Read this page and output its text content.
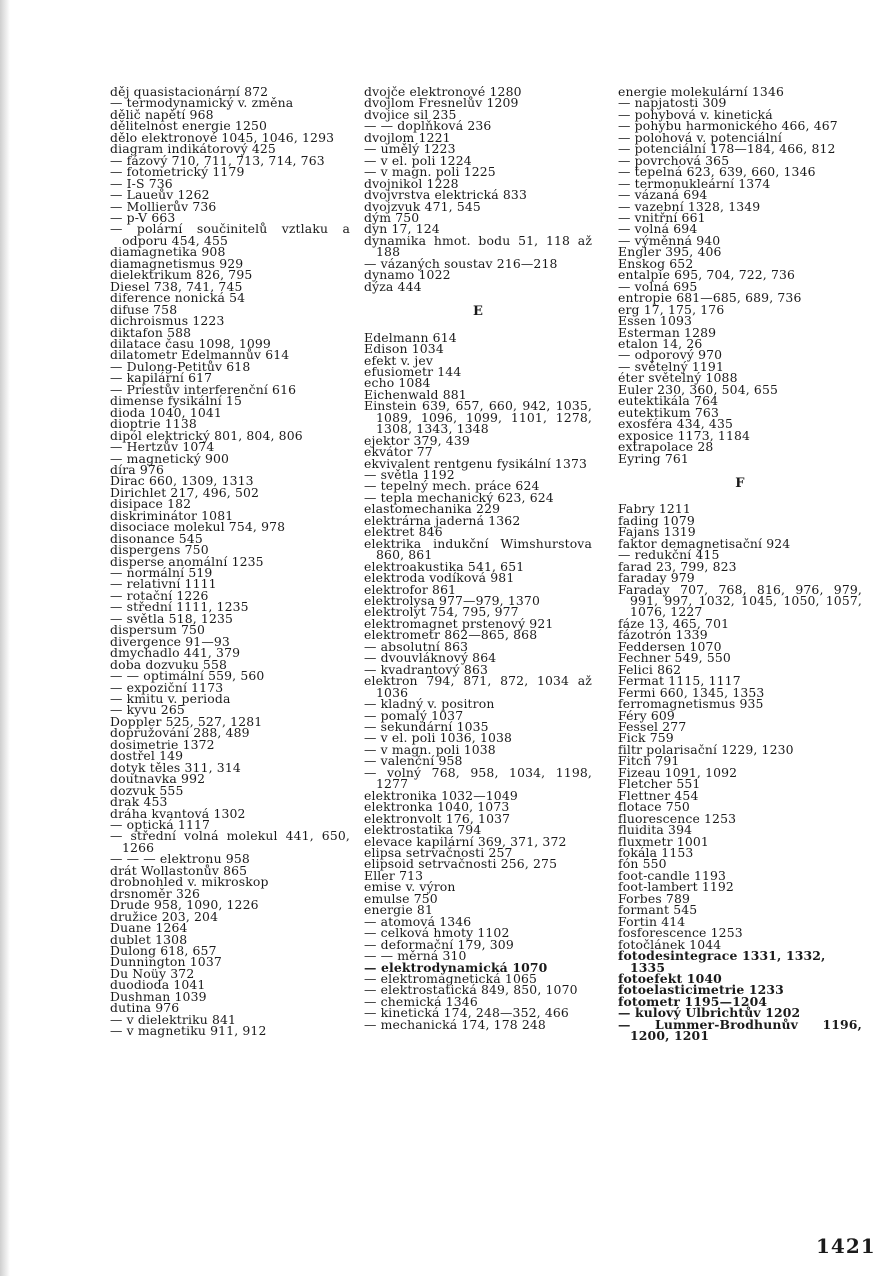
děj quasistacionární 872
— termodynamický v. změna
dělič napětí 968
dělitelnost energie 1250
dělo elektronové 1045, 1046, 1293
diagram indikátorový 425
— fázový 710, 711, 713, 714, 763
— fotometrický 1179
— I-S 736
— Laueův 1262
— Mollierův 736
— p-V 663
— polární součinitelů vztlaku a odporu 454, 455
diamagnetika 908
diamagnetismus 929
dielektrikum 826, 795
Diesel 738, 741, 745
diference nonická 54
difuse 758
dichroismus 1223
diktafon 588
dilatace času 1098, 1099
dilatometr Edelmannův 614
— Dulong-Petitův 618
— kapilární 617
— Priestův interferenční 616
dimense fysikální 15
dioda 1040, 1041
dioptrie 1138
dipól elektrický 801, 804, 806
— Hertzův 1074
— magnetický 900
díra 976
Dirac 660, 1309, 1313
Dirichlet 217, 496, 502
disipace 182
diskriminátor 1081
disociace molekul 754, 978
disonance 545
dispergens 750
disperse anomální 1235
— normální 519
— relativní 1111
— rotační 1226
— střední 1111, 1235
— světla 518, 1235
dispersum 750
divergence 91—93
dmychadlo 441, 379
doba dozvuku 558
— — optimální 559, 560
— expoziční 1173
— kmitu v. perioda
— kyvu 265
Doppler 525, 527, 1281
dopružování 288, 489
dosimetrie 1372
dostřel 149
dotyk těles 311, 314
doutnavka 992
dozvuk 555
drak 453
dráha kvantová 1302
— optická 1117
— střední volná molekul 441, 650, 1266
— — — elektronu 958
drát Wollastonův 865
drobnohled v. mikroskop
drsnoměr 326
Drude 958, 1090, 1226
družice 203, 204
Duane 1264
dublet 1308
Dulong 618, 657
Dunnington 1037
Du Noüy 372
duodioda 1041
Dushman 1039
dutina 976
— v dielektriku 841
— v magnetiku 911, 912
dvojče elektronové 1280
dvojlom Fresnelův 1209
dvojice sil 235
— — doplňková 236
dvojlom 1221
— umělý 1223
— v el. poli 1224
— v magn. poli 1225
dvojnikol 1228
dvojvrstva elektrická 833
dvojzvuk 471, 545
dým 750
dyn 17, 124
dynamika hmot. bodu 51, 118 až 188
— vázaných soustav 216—218
dynamo 1022
dýza 444
E
Edelmann 614
Edison 1034
efekt v. jev
efusiometr 144
echo 1084
Eichenwald 881
Einstein 639, 657, 660, 942, 1035, 1089, 1096, 1099, 1101, 1278, 1308, 1343, 1348
ejektor 379, 439
ekvátor 77
ekvivalent rentgenu fysikální 1373
— světla 1192
— tepelný mech. práce 624
— tepla mechanický 623, 624
elastomechanika 229
elektrárna jaderná 1362
elektret 846
elektrika indukční Wimshurstova 860, 861
elektroakustika 541, 651
elektroda vodíková 981
elektrofor 861
elektrolysa 977—979, 1370
elektrolyt 754, 795, 977
elektromagnet prstenový 921
elektrometr 862—865, 868
— absolutní 863
— dvouvláknový 864
— kvadrantový 863
elektron 794, 871, 872, 1034 až 1036
— kladný v. positron
— pomalý 1037
— sekundární 1035
— v el. poli 1036, 1038
— v magn. poli 1038
— valenční 958
— volný 768, 958, 1034, 1198, 1277
elektronika 1032—1049
elektronka 1040, 1073
elektronvolt 176, 1037
elektrostatika 794
elevace kapilární 369, 371, 372
elipsa setrvačnosti 257
elipsoid setrvačnosti 256, 275
Eller 713
emise v. výron
emulse 750
energie 81
— atomová 1346
— celková hmoty 1102
— deformační 179, 309
— — měrná 310
— elektrodynamická 1070
— elektromagnetická 1065
— elektrostatická 849, 850, 1070
— chemická 1346
— kinetická 174, 248—352, 466
— mechanická 174, 178 248
energie molekulární 1346
— napjatosti 309
— pohybová v. kinetická
— pohybu harmonického 466, 467
— polohová v. potenciální
— potenciální 178—184, 466, 812
— povrchová 365
— tepelná 623, 639, 660, 1346
— termonukleární 1374
— vázaná 694
— vazební 1328, 1349
— vnitřní 661
— volná 694
— výměnná 940
Engler 395, 406
Enskog 652
entalpie 695, 704, 722, 736
— volná 695
entropie 681—685, 689, 736
erg 17, 175, 176
Essen 1093
Esterman 1289
etalon 14, 26
— odporový 970
— světelný 1191
éter světelný 1088
Euler 230, 360, 504, 655
eutektikála 764
eutektikum 763
exosféra 434, 435
exposice 1173, 1184
extrapolace 28
Eyring 761
F
Fabry 1211
fading 1079
Fajans 1319
faktor demagnetisační 924
— redukční 415
farad 23, 799, 823
faraday 979
Faraday 707, 768, 816, 976, 979, 991, 997, 1032, 1045, 1050, 1057, 1076, 1227
fáze 13, 465, 701
fázotrón 1339
Feddersen 1070
Fechner 549, 550
Felici 862
Fermat 1115, 1117
Fermi 660, 1345, 1353
ferromagnetismus 935
Féry 609
Fessel 277
Fick 759
filtr polarisační 1229, 1230
Fitch 791
Fizeau 1091, 1092
Fletcher 551
Flettner 454
flotace 750
fluorescence 1253
fluidita 394
fluxmetr 1001
fokála 1153
fón 550
foot-candle 1193
foot-lambert 1192
Forbes 789
formant 545
Fortin 414
fosforescence 1253
fotočlánek 1044
fotodesintegrace 1331, 1332, 1335
fotoefekt 1040
fotoelasticimetrie 1233
fotometr 1195—1204
— kulový Ulbrichtův 1202
— Lummer-Brodhunův 1196, 1200, 1201
1421
